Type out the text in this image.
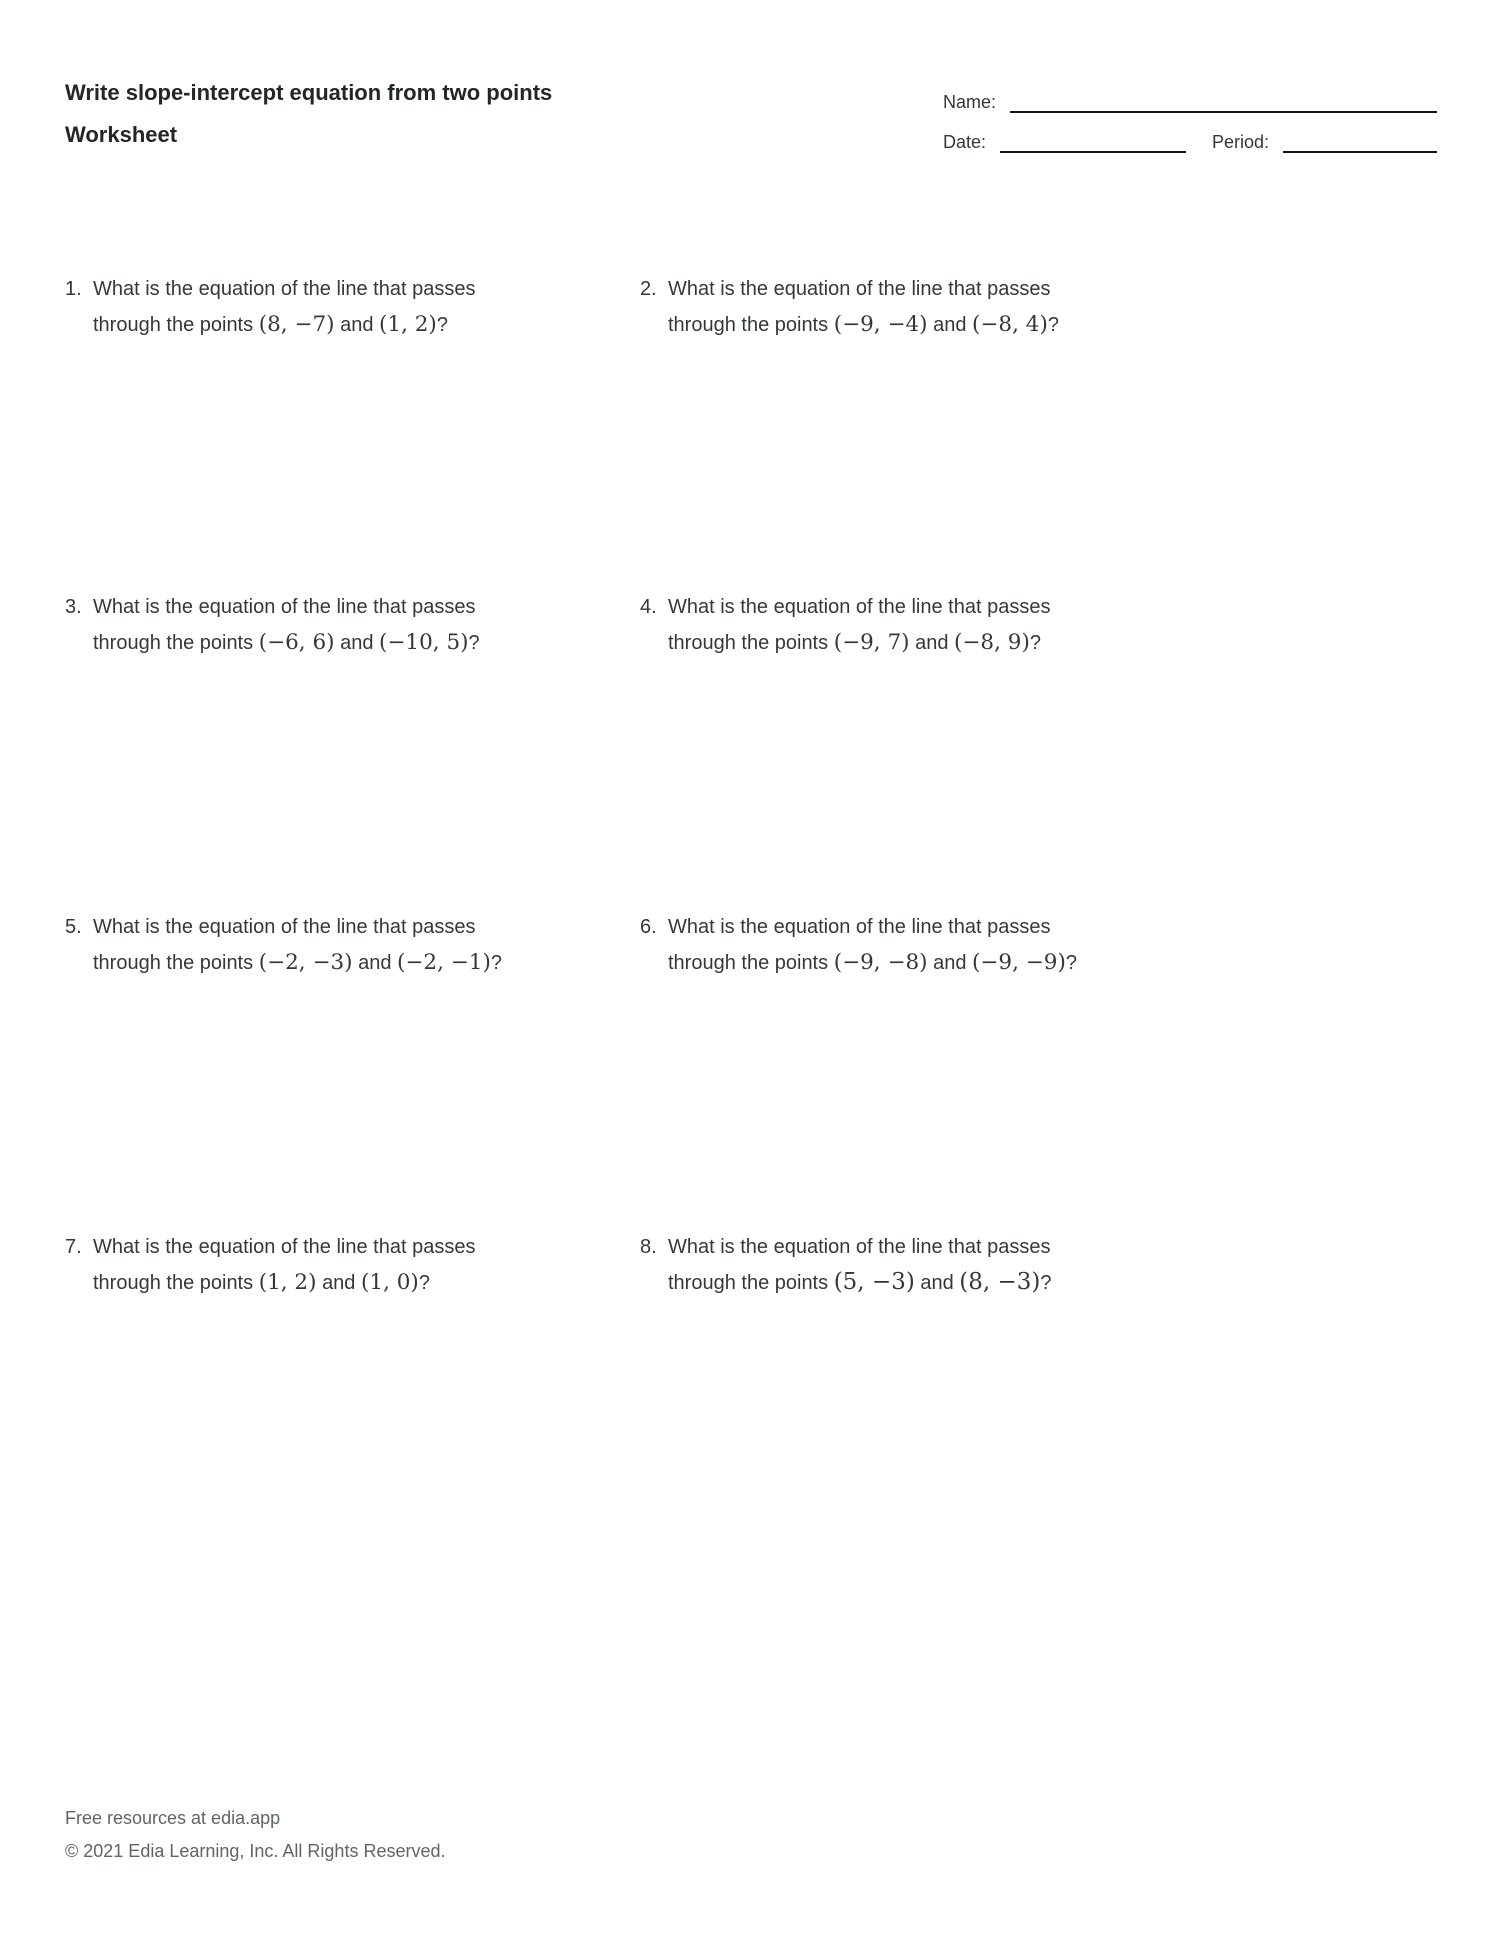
Write slope-intercept equation from two points
Worksheet
Name:
Date:	Period:
1. What is the equation of the line that passes
through the points (8, −7) and (1, 2)?
2. What is the equation of the line that passes
through the points (−9, −4) and (−8, 4)?
3. What is the equation of the line that passes
through the points (−6, 6) and (−10, 5)?
4. What is the equation of the line that passes
through the points (−9, 7) and (−8, 9)?
5. What is the equation of the line that passes
through the points (−2, −3) and (−2, −1)?
6. What is the equation of the line that passes
through the points (−9, −8) and (−9, −9)?
7. What is the equation of the line that passes
through the points (1, 2) and (1, 0)?
8. What is the equation of the line that passes
through the points (5, −3) and (8, −3)?
Free resources at edia.app
© 2021 Edia Learning, Inc. All Rights Reserved.
